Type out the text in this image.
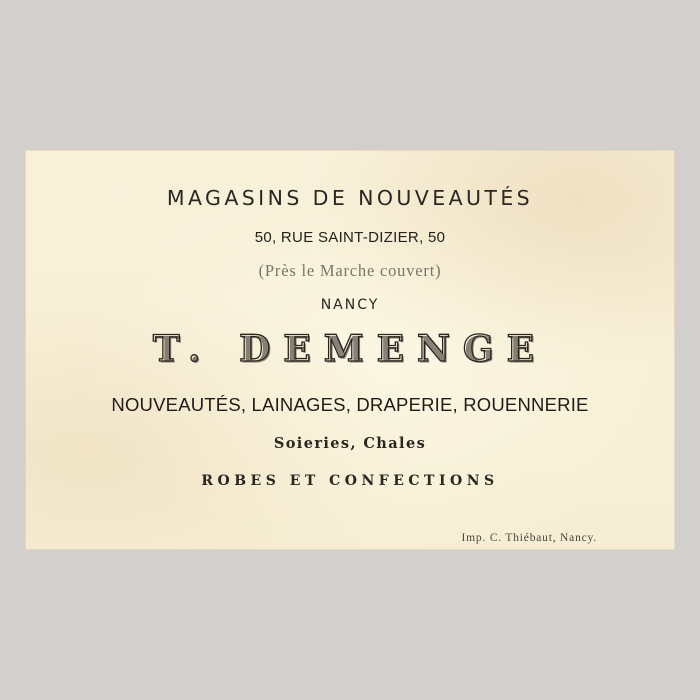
MAGASINS DE NOUVEAUTÉS
50, RUE SAINT-DIZIER, 50
(Près le Marche couvert)
NANCY
T. DEMENGE
NOUVEAUTÉS, LAINAGES, DRAPERIE, ROUENNERIE
Soieries, Chales
ROBES ET CONFECTIONS
Imp. C. Thiébaut, Nancy.
